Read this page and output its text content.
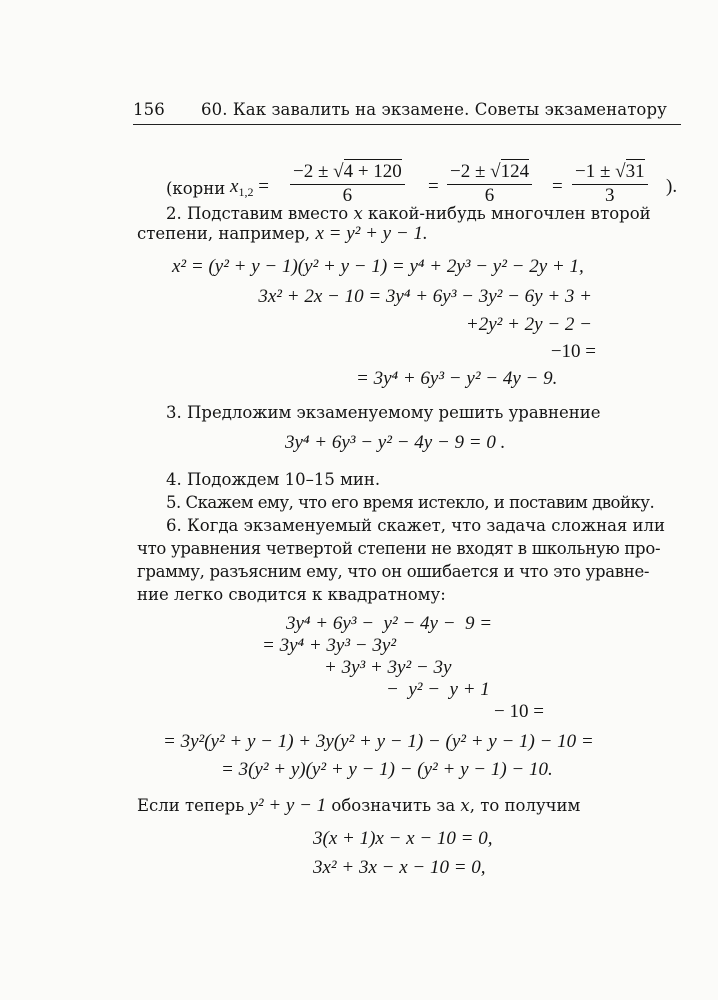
156 60. Как завалить на экзамене. Советы экзаменатору
(корни $x_{1,2} = \frac{-2 \pm √4 + 120}{6} = \frac{-2 \pm √124}{6} = \frac{-1 \pm √31}{3}$ ).
2. Подставим вместо x какой-нибудь многочлен второй
степени, например, x = y² + y − 1.
x² = (y² + y − 1)(y² + y − 1) = y⁴ + 2y³ − y² − 2y + 1,
3x² + 2x − 10 = 3y⁴ + 6y³ − 3y² − 6y + 3 +
+2y² + 2y − 2 −
−10 =
= 3y⁴ + 6y³ − y² − 4y − 9.
3. Предложим экзаменуемому решить уравнение
3y⁴ + 6y³ − y² − 4y − 9 = 0 .
4. Подождем 10–15 мин.
5. Скажем ему, что его время истекло, и поставим двойку.
6. Когда экзаменуемый скажет, что задача сложная или
что уравнения четвертой степени не входят в школьную про-
грамму, разъясним ему, что он ошибается и что это уравне-
ние легко сводится к квадратному:
3y⁴ + 6y³ −  y² − 4y −  9 =
= 3y⁴ + 3y³ − 3y²
+ 3y³ + 3y² − 3y
−  y² −  y + 1
− 10 =
= 3y²(y² + y − 1) + 3y(y² + y − 1) − (y² + y − 1) − 10 =
= 3(y² + y)(y² + y − 1) − (y² + y − 1) − 10.
Если теперь y² + y − 1 обозначить за x, то получим
3(x + 1)x − x − 10 = 0,
3x² + 3x − x − 10 = 0,
